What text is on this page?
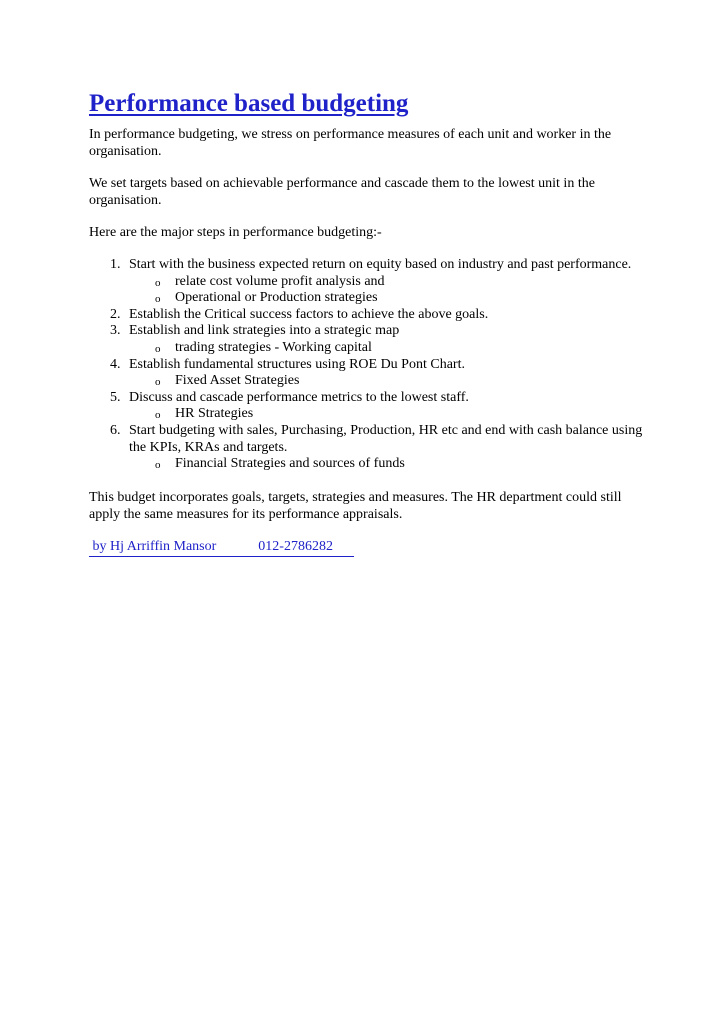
Performance based budgeting

In performance budgeting, we stress on performance measures of each unit and worker in the organisation.

We set targets based on achievable performance and cascade them to the lowest unit in the organisation.

Here are the major steps in performance budgeting:-

1. Start with the business expected return on equity based on industry and past performance.
o relate cost volume profit analysis and
o Operational or Production strategies
2. Establish the Critical success factors to achieve the above goals.
3. Establish and link strategies into a strategic map
o trading strategies - Working capital
4. Establish fundamental structures using ROE Du Pont Chart.
o Fixed Asset Strategies
5. Discuss and cascade performance metrics to the lowest staff.
o HR Strategies
6. Start budgeting with sales, Purchasing, Production, HR etc and end with cash balance using the KPIs, KRAs and targets.
o Financial Strategies and sources of funds

This budget incorporates goals, targets, strategies and measures. The HR department could still apply the same measures for its performance appraisals.

by Hj Arriffin Mansor	012-2786282
